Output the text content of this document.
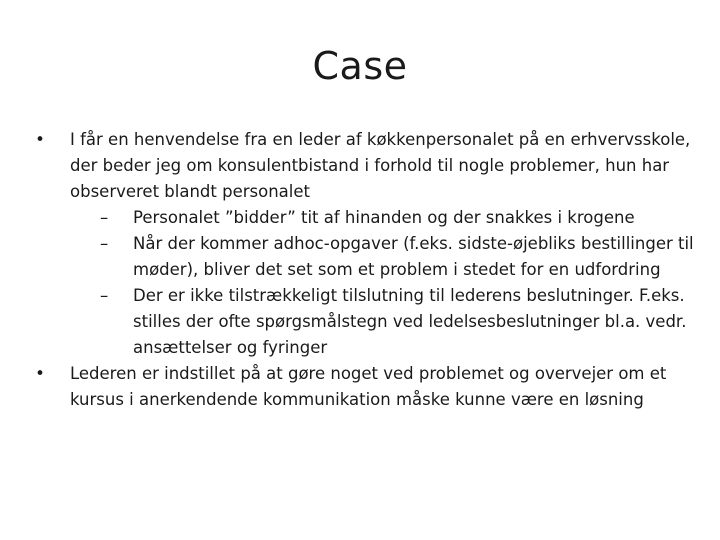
Case
•	I får en henvendelse fra en leder af køkkenpersonalet på en erhvervsskole, der beder jeg om konsulentbistand i forhold til nogle problemer, hun har observeret blandt personalet
–	Personalet ”bidder” tit af hinanden og der snakkes i krogene
–	Når der kommer adhoc-opgaver (f.eks. sidste-øjebliks bestillinger til møder), bliver det set som et problem i stedet for en udfordring
–	Der er ikke tilstrækkeligt tilslutning til lederens beslutninger. F.eks. stilles der ofte spørgsmålstegn ved ledelsesbeslutninger bl.a. vedr. ansættelser og fyringer
•	Lederen er indstillet på at gøre noget ved problemet og overvejer om et kursus i anerkendende kommunikation måske kunne være en løsning
